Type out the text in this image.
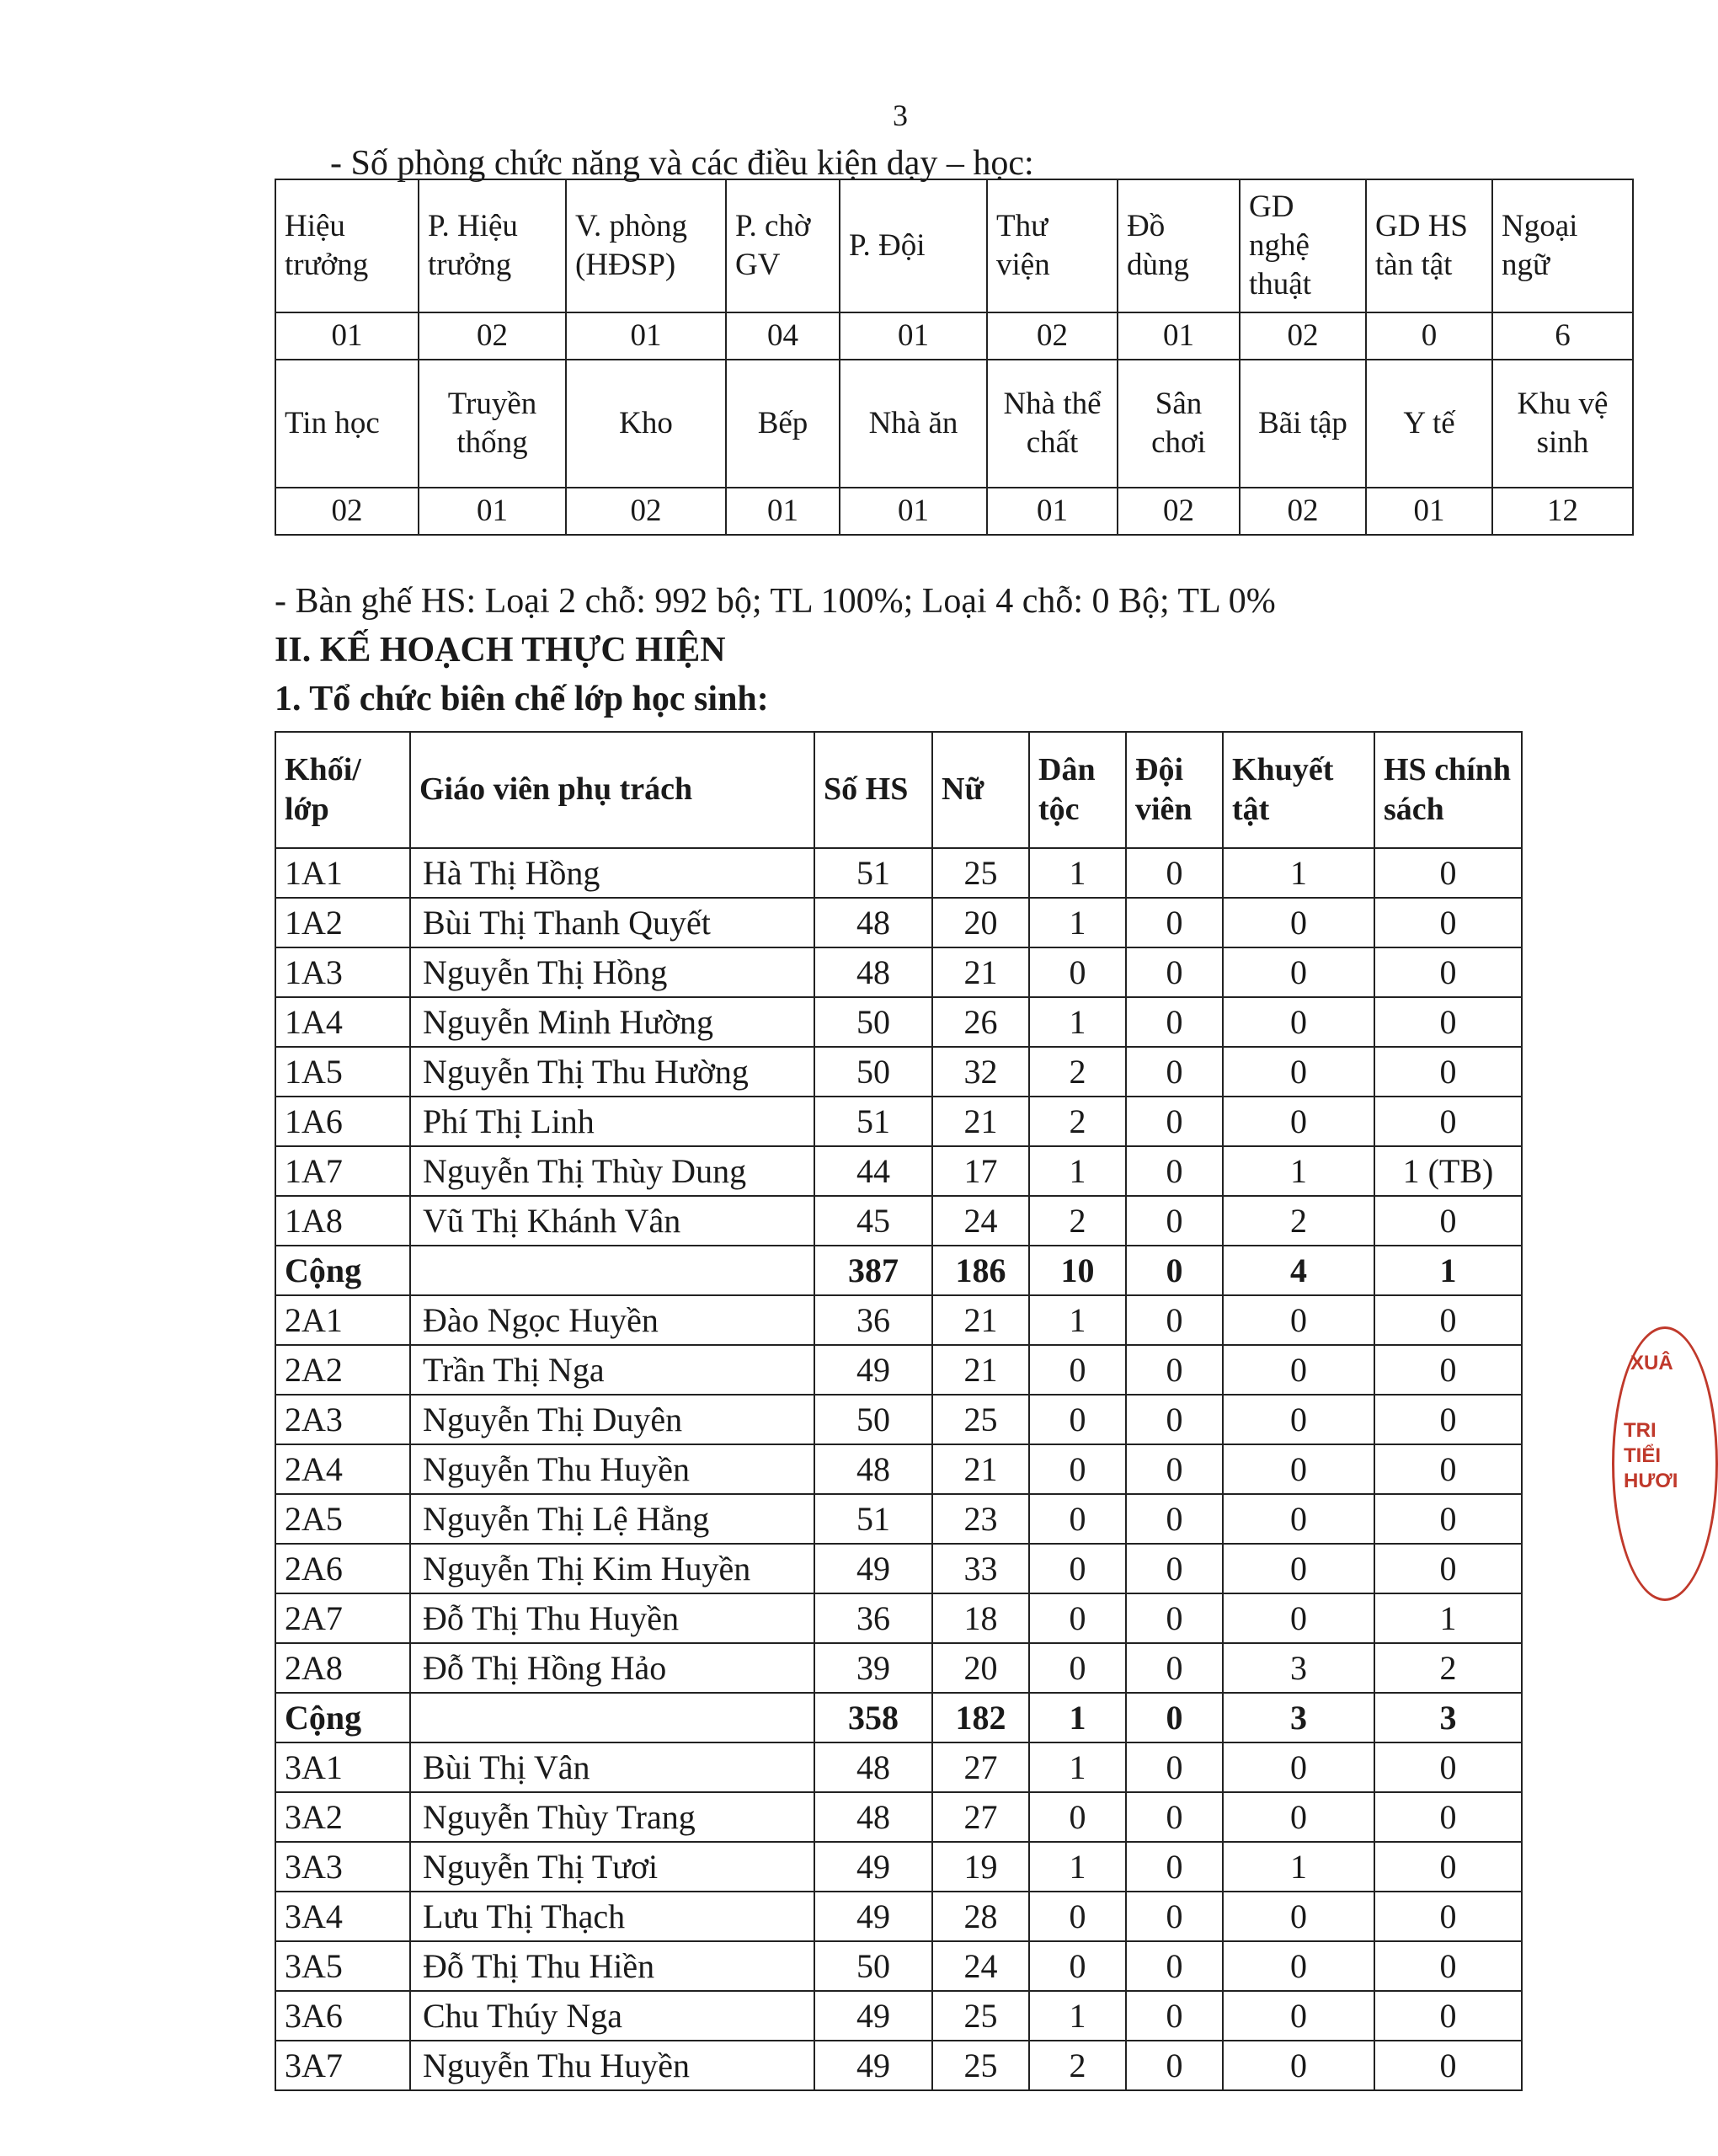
3
- Số phòng chức năng và các điều kiện dạy – học:
Hiệu trưởng	P. Hiệu trưởng	V. phòng (HĐSP)	P. chờ GV	P. Đội	Thư viện	Đồ dùng	GD nghệ thuật	GD HS tàn tật	Ngoại ngữ
01	02	01	04	01	02	01	02	0	6
Tin học	Truyền thống	Kho	Bếp	Nhà ăn	Nhà thể chất	Sân chơi	Bãi tập	Y tế	Khu vệ sinh
02	01	02	01	01	01	02	02	01	12
- Bàn ghế HS: Loại 2 chỗ: 992 bộ; TL 100%; Loại 4 chỗ: 0 Bộ; TL 0%
II. KẾ HOẠCH THỰC HIỆN
1. Tổ chức biên chế lớp học sinh:
Khối/ lớp	Giáo viên phụ trách	Số HS	Nữ	Dân tộc	Đội viên	Khuyết tật	HS chính sách
1A1	Hà Thị Hồng	51	25	1	0	1	0
1A2	Bùi Thị Thanh Quyết	48	20	1	0	0	0
1A3	Nguyễn Thị Hồng	48	21	0	0	0	0
1A4	Nguyễn Minh Hường	50	26	1	0	0	0
1A5	Nguyễn Thị Thu Hường	50	32	2	0	0	0
1A6	Phí Thị Linh	51	21	2	0	0	0
1A7	Nguyễn Thị Thùy Dung	44	17	1	0	1	1 (TB)
1A8	Vũ Thị Khánh Vân	45	24	2	0	2	0
Cộng		387	186	10	0	4	1
2A1	Đào Ngọc Huyền	36	21	1	0	0	0
2A2	Trần Thị Nga	49	21	0	0	0	0
2A3	Nguyễn Thị Duyên	50	25	0	0	0	0
2A4	Nguyễn Thu Huyền	48	21	0	0	0	0
2A5	Nguyễn Thị Lệ Hằng	51	23	0	0	0	0
2A6	Nguyễn Thị Kim Huyền	49	33	0	0	0	0
2A7	Đỗ Thị Thu Huyền	36	18	0	0	0	1
2A8	Đỗ Thị Hồng Hảo	39	20	0	0	3	2
Cộng		358	182	1	0	3	3
3A1	Bùi Thị Vân	48	27	1	0	0	0
3A2	Nguyễn Thùy Trang	48	27	0	0	0	0
3A3	Nguyễn Thị Tươi	49	19	1	0	1	0
3A4	Lưu Thị Thạch	49	28	0	0	0	0
3A5	Đỗ Thị Thu Hiền	50	24	0	0	0	0
3A6	Chu Thúy Nga	49	25	1	0	0	0
3A7	Nguyễn Thu Huyền	49	25	2	0	0	0
XUÂ
TRI
TIỂI
HƯƠI
